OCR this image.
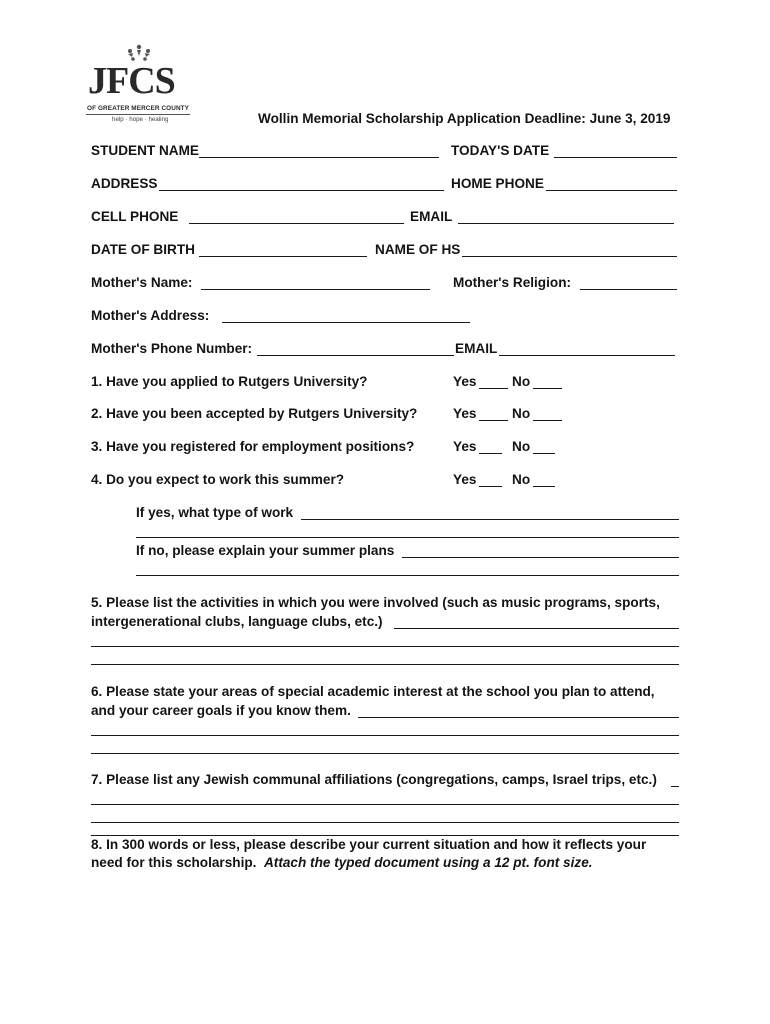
JFCS
OF GREATER MERCER COUNTY
help · hope · healing	Wollin Memorial Scholarship Application Deadline: June 3, 2019
STUDENT NAME	TODAY'S DATE
ADDRESS	HOME PHONE
CELL PHONE	EMAIL
DATE OF BIRTH	NAME OF HS
Mother's Name:	Mother's Religion:
Mother's Address:
Mother's Phone Number:	EMAIL
1. Have you applied to Rutgers University?	Yes	No
2. Have you been accepted by Rutgers University?	Yes	No
3. Have you registered for employment positions?	Yes	No
4. Do you expect to work this summer?	Yes	No
If yes, what type of work
If no, please explain your summer plans
5. Please list the activities in which you were involved (such as music programs, sports,
intergenerational clubs, language clubs, etc.)
6. Please state your areas of special academic interest at the school you plan to attend,
and your career goals if you know them.
7. Please list any Jewish communal affiliations (congregations, camps, Israel trips, etc.)
8. In 300 words or less, please describe your current situation and how it reflects your
need for this scholarship. Attach the typed document using a 12 pt. font size.
